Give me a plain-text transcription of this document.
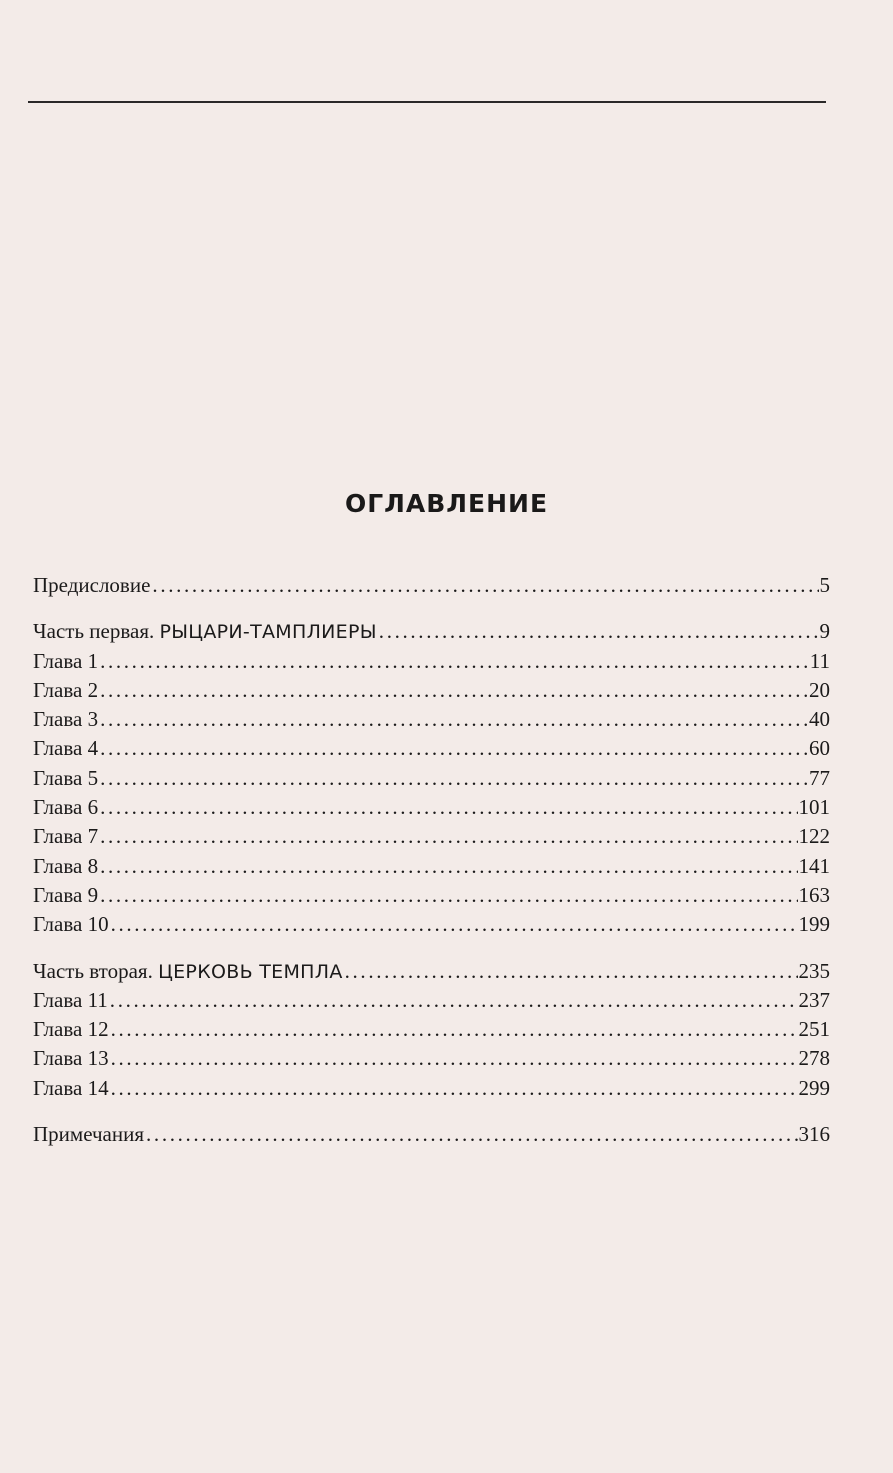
ОГЛАВЛЕНИЕ
Предисловие . . .	5
Часть первая. РЫЦАРИ-ТАМПЛИЕРЫ . . .	9
Глава 1 . . .	11
Глава 2 . . .	20
Глава 3 . . .	40
Глава 4 . . .	60
Глава 5 . . .	77
Глава 6 . . .	101
Глава 7 . . .	122
Глава 8 . . .	141
Глава 9 . . .	163
Глава 10 . . .	199
Часть вторая. ЦЕРКОВЬ ТЕМПЛА . . .	235
Глава 11 . . .	237
Глава 12 . . .	251
Глава 13 . . .	278
Глава 14 . . .	299
Примечания . . .	316
